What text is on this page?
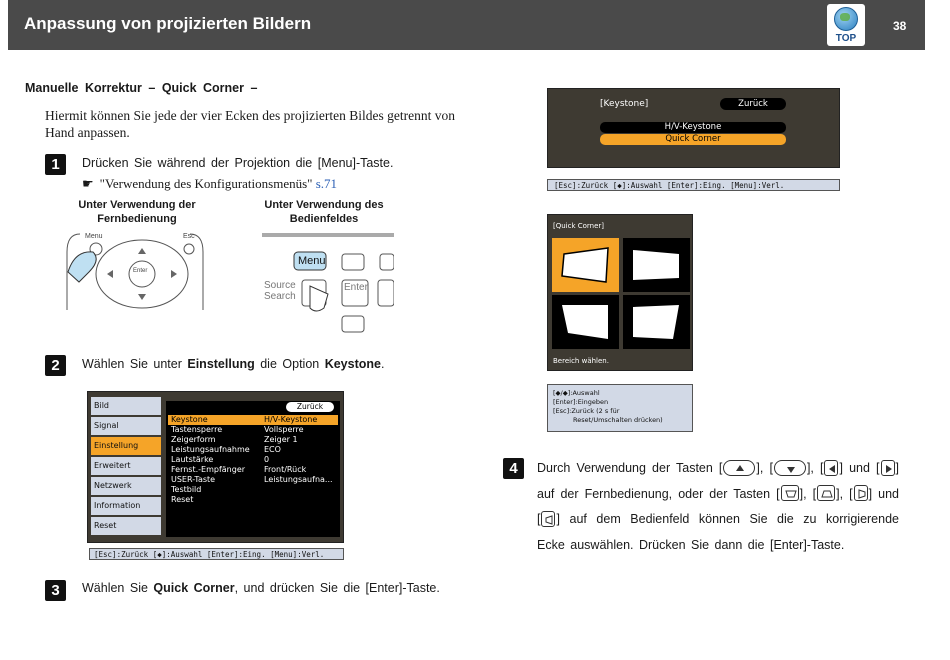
Anpassung von projizierten Bildern
TOP
38
Manuelle Korrektur – Quick Corner –
Hiermit können Sie jede der vier Ecken des projizierten Bildes getrennt von Hand anpassen.
1	Drücken Sie während der Projektion die [Menu]-Taste.
☛ "Verwendung des Konfigurationsmenüs" s.71
Unter Verwendung der Fernbedienung
Unter Verwendung des Bedienfeldes
Menu	Esc
Enter
Menu
Source
Search
Enter
2	Wählen Sie unter Einstellung die Option Keystone.
Bild
Signal
Einstellung
Erweitert
Netzwerk
Information
Reset
Zurück
Keystone	H/V-Keystone
Tastensperre	Vollsperre
Zeigerform	Zeiger 1
Leistungsaufnahme ECO
Lautstärke	0
Fernst.-Empfänger Front/Rück
USER-Taste	Leistungsaufna...
Testbild
Reset
[Esc]:Zurück [◆]:Auswahl [Enter]:Eing. [Menu]:Verl.
3	Wählen Sie Quick Corner, und drücken Sie die [Enter]-Taste.
[Keystone]	Zurück
H/V-Keystone
Quick Corner
[Esc]:Zurück [◆]:Auswahl [Enter]:Eing. [Menu]:Verl.
[Quick Corner]
Bereich wählen.
[◆/◆]:Auswahl
[Enter]:Eingeben
[Esc]:Zurück (2 s für
Reset/Umschalten drücken)
4	Durch Verwendung der Tasten [	], [	], [ ] und [ ] auf der Fernbedienung, oder der Tasten [ ], [ ], [ ] und [ ] auf dem Bedienfeld können Sie die zu korrigierende Ecke auswählen. Drücken Sie dann die [Enter]-Taste.
